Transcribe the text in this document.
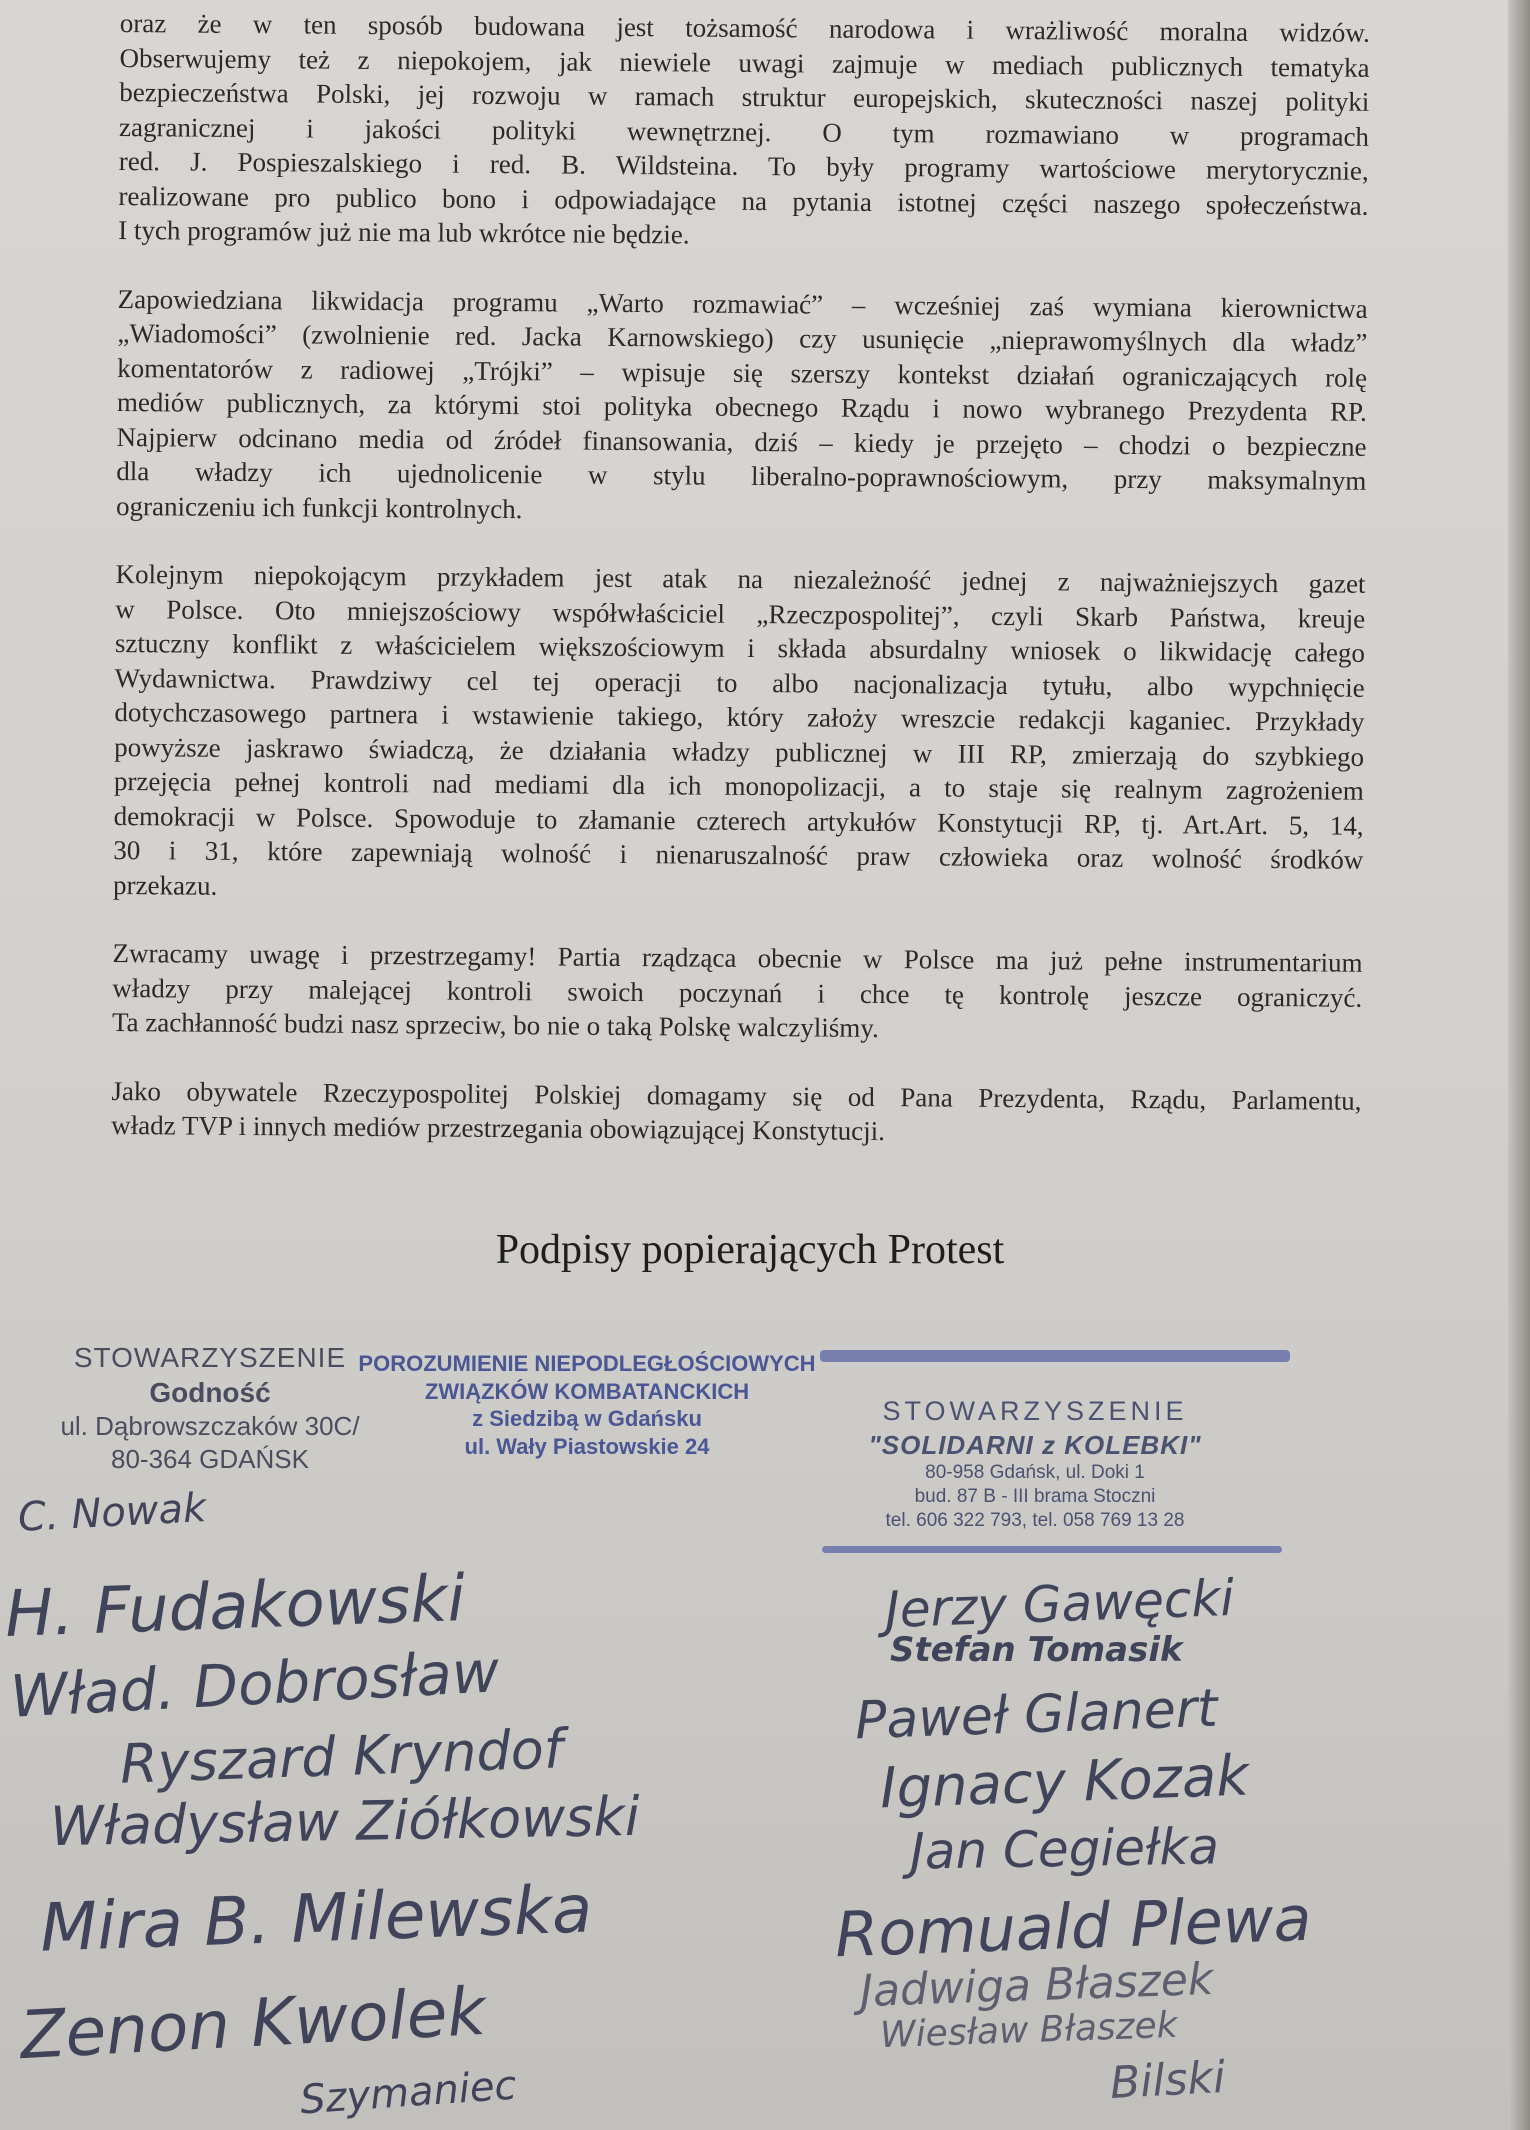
oraz że w ten sposób budowana jest tożsamość narodowa i wrażliwość moralna widzów.
Obserwujemy też z niepokojem, jak niewiele uwagi zajmuje w mediach publicznych tematyka
bezpieczeństwa Polski, jej rozwoju w ramach struktur europejskich, skuteczności naszej polityki
zagranicznej i jakości polityki wewnętrznej. O tym rozmawiano w programach
red. J. Pospieszalskiego i red. B. Wildsteina. To były programy wartościowe merytorycznie,
realizowane pro publico bono i odpowiadające na pytania istotnej części naszego społeczeństwa.
I tych programów już nie ma lub wkrótce nie będzie.

Zapowiedziana likwidacja programu „Warto rozmawiać” – wcześniej zaś wymiana kierownictwa
„Wiadomości” (zwolnienie red. Jacka Karnowskiego) czy usunięcie „nieprawomyślnych dla władz”
komentatorów z radiowej „Trójki” – wpisuje się szerszy kontekst działań ograniczających rolę
mediów publicznych, za którymi stoi polityka obecnego Rządu i nowo wybranego Prezydenta RP.
Najpierw odcinano media od źródeł finansowania, dziś – kiedy je przejęto – chodzi o bezpieczne
dla władzy ich ujednolicenie w stylu liberalno-poprawnościowym, przy maksymalnym
ograniczeniu ich funkcji kontrolnych.

Kolejnym niepokojącym przykładem jest atak na niezależność jednej z najważniejszych gazet
w Polsce. Oto mniejszościowy współwłaściciel „Rzeczpospolitej”, czyli Skarb Państwa, kreuje
sztuczny konflikt z właścicielem większościowym i składa absurdalny wniosek o likwidację całego
Wydawnictwa. Prawdziwy cel tej operacji to albo nacjonalizacja tytułu, albo wypchnięcie
dotychczasowego partnera i wstawienie takiego, który założy wreszcie redakcji kaganiec. Przykłady
powyższe jaskrawo świadczą, że działania władzy publicznej w III RP, zmierzają do szybkiego
przejęcia pełnej kontroli nad mediami dla ich monopolizacji, a to staje się realnym zagrożeniem
demokracji w Polsce. Spowoduje to złamanie czterech artykułów Konstytucji RP, tj. Art.Art. 5, 14,
30 i 31, które zapewniają wolność i nienaruszalność praw człowieka oraz wolność środków
przekazu.

Zwracamy uwagę i przestrzegamy! Partia rządząca obecnie w Polsce ma już pełne instrumentarium
władzy przy malejącej kontroli swoich poczynań i chce tę kontrolę jeszcze ograniczyć.
Ta zachłanność budzi nasz sprzeciw, bo nie o taką Polskę walczyliśmy.

Jako obywatele Rzeczypospolitej Polskiej domagamy się od Pana Prezydenta, Rządu, Parlamentu,
władz TVP i innych mediów przestrzegania obowiązującej Konstytucji.

Podpisy popierających Protest
STOWARZYSZENIE
Godność
ul. Dąbrowszczaków 30C/
80-364 GDAŃSK
POROZUMIENIE NIEPODLEGŁOŚCIOWYCH
ZWIĄZKÓW KOMBATANCKICH
z Siedzibą w Gdańsku
ul. Wały Piastowskie 24
STOWARZYSZENIE
"SOLIDARNI z KOLEBKI"
80-958 Gdańsk, ul. Doki 1
bud. 87 B - III brama Stoczni
tel. 606 322 793, tel. 058 769 13 28
C. Nowak
H. Fudakowski
Wład. Dobrosław
Ryszard Kryndof
Władysław Ziółkowski
Mira B. Milewska
Zenon Kwolek
Szymaniec
Jerzy Gawęcki
Stefan Tomasik
Paweł Glanert
Ignacy Kozak
Jan Cegiełka
Romuald Plewa
Jadwiga Błaszek
Wiesław Błaszek
Bilski
